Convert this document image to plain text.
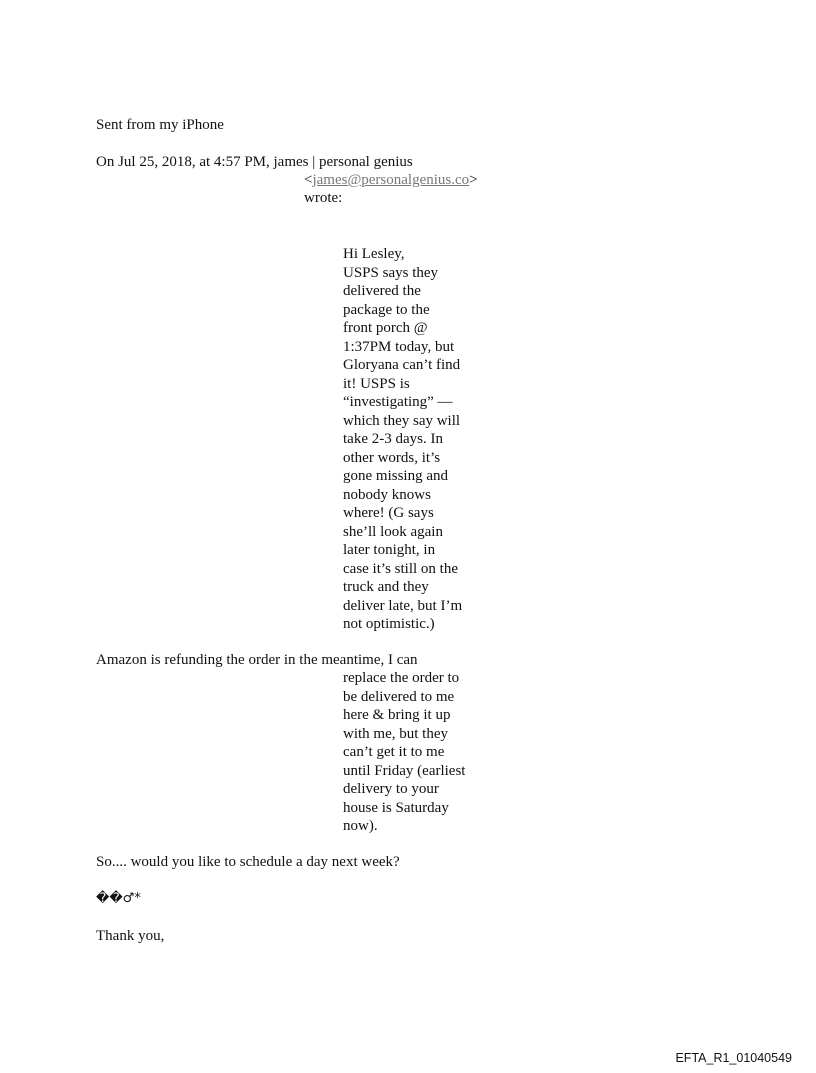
Sent from my iPhone
On Jul 25, 2018, at 4:57 PM, james | personal genius
<james@personalgenius.co>
wrote:
Hi Lesley,
USPS says they
delivered the
package to the
front porch @
1:37PM today, but
Gloryana can’t find
it! USPS is
“investigating” —
which they say will
take 2-3 days. In
other words, it’s
gone missing and
nobody knows
where! (G says
she’ll look again
later tonight, in
case it’s still on the
truck and they
deliver late, but I’m
not optimistic.)
Amazon is refunding the order in the meantime, I can
replace the order to
be delivered to me
here & bring it up
with me, but they
can’t get it to me
until Friday (earliest
delivery to your
house is Saturday
now).
So.... would you like to schedule a day next week?
��♂*
Thank you,
EFTA_R1_01040549
